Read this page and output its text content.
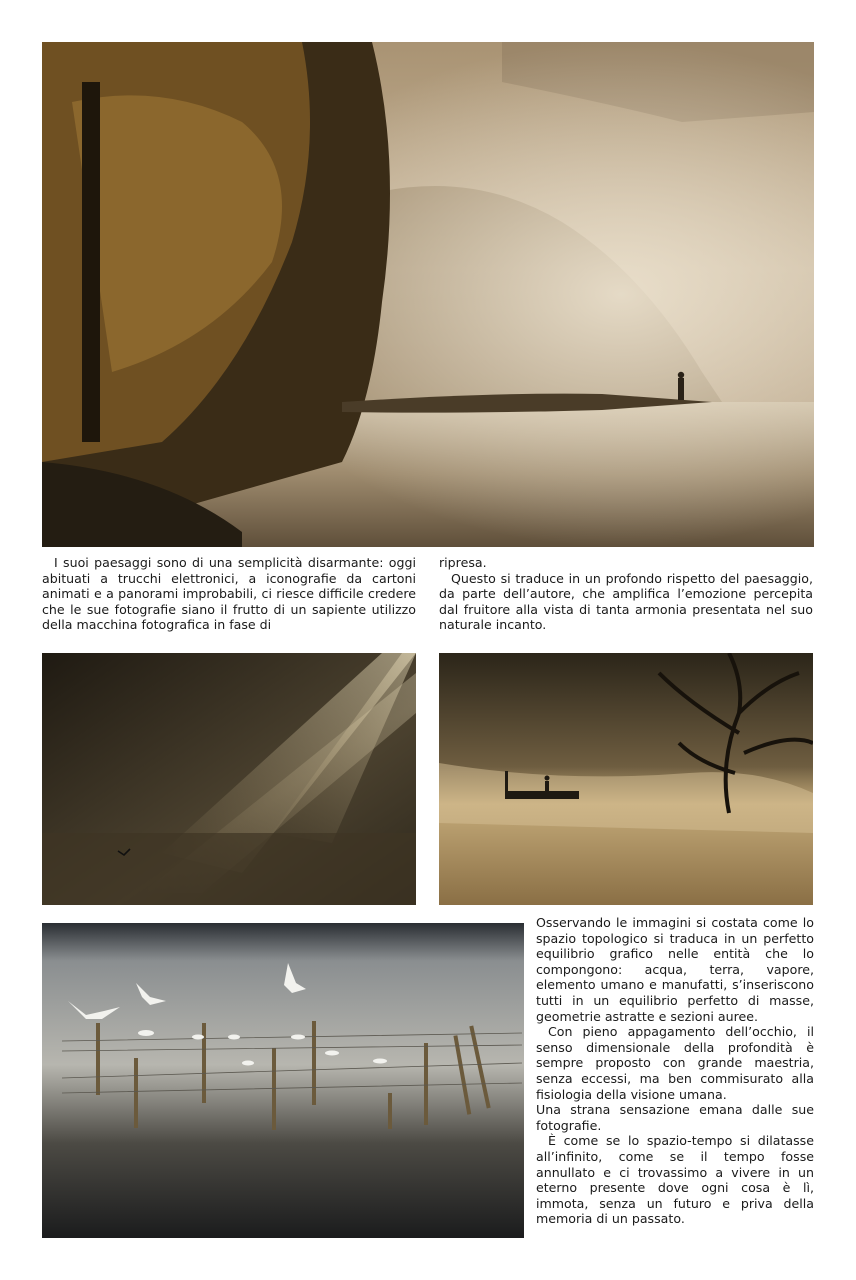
I suoi paesaggi sono di una semplicità disarmante: oggi abituati a trucchi elettronici, a iconografie da cartoni animati e a panorami improbabili, ci riesce difficile credere che le sue fotografie siano il frutto di un sapiente utilizzo della macchina fotografica in fase di

ripresa.

Questo si traduce in un profondo rispetto del paesaggio, da parte dell’autore, che amplifica l’emozione percepita dal fruitore alla vista di tanta armonia presentata nel suo naturale incanto.

Osservando le immagini si costata come lo spazio topologico si traduca in un perfetto equilibrio grafico nelle entità che lo compongono: acqua, terra, vapore, elemento umano e manufatti, s’inseriscono tutti in un equilibrio perfetto di masse, geometrie astratte e sezioni auree.

Con pieno appagamento dell’occhio, il senso dimensionale della profondità è sempre proposto con grande maestria, senza eccessi, ma ben commisurato alla fisiologia della visione umana.

Una strana sensazione emana dalle sue fotografie.

È come se lo spazio-tempo si dilatasse all’infinito, come se il tempo fosse annullato e ci trovassimo a vivere in un eterno presente dove ogni cosa è lì, immota, senza un futuro e priva della memoria di un passato.
